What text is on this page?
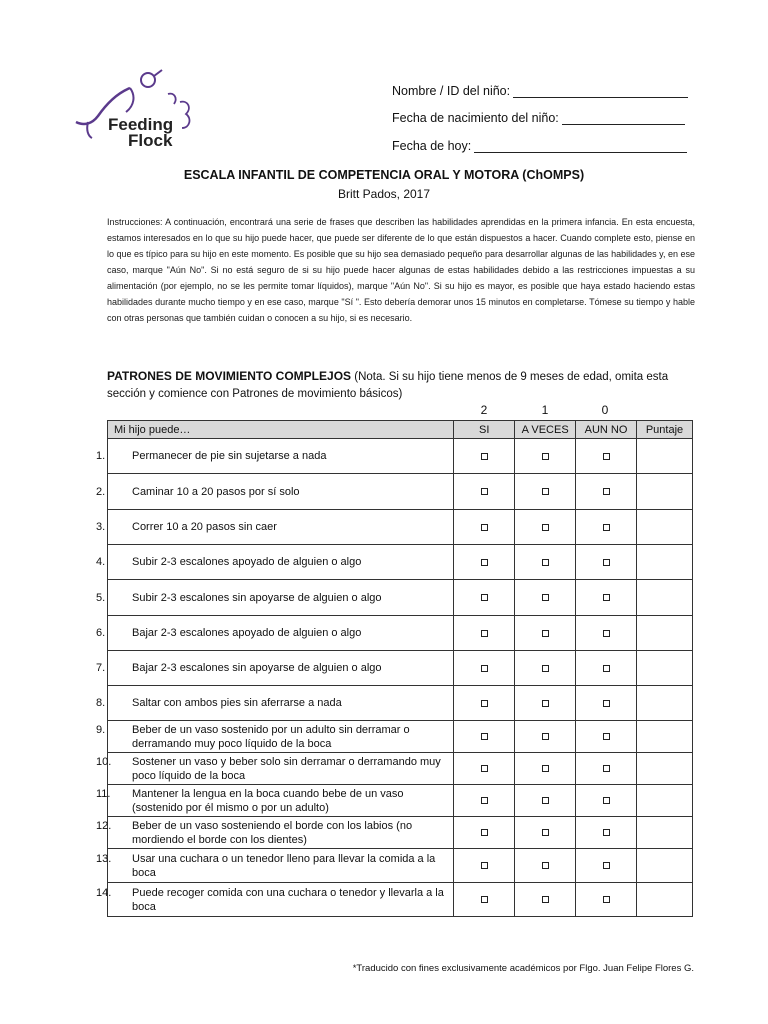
Feeding
Flock
Nombre / ID del niño:
Fecha de nacimiento del niño:
Fecha de hoy:
ESCALA INFANTIL DE COMPETENCIA ORAL Y MOTORA (ChOMPS)
Britt Pados, 2017
Instrucciones: A continuación, encontrará una serie de frases que describen las habilidades aprendidas en la primera infancia. En esta encuesta, estamos interesados en lo que su hijo puede hacer, que puede ser diferente de lo que están dispuestos a hacer. Cuando complete esto, piense en lo que es típico para su hijo en este momento. Es posible que su hijo sea demasiado pequeño para desarrollar algunas de las habilidades y, en ese caso, marque "Aún No". Si no está seguro de si su hijo puede hacer algunas de estas habilidades debido a las restricciones impuestas a su alimentación (por ejemplo, no se les permite tomar líquidos), marque "Aún No". Si su hijo es mayor, es posible que haya estado haciendo estas habilidades durante mucho tiempo y en ese caso, marque "Sí ". Esto debería demorar unos 15 minutos en completarse. Tómese su tiempo y hable con otras personas que también cuidan o conocen a su hijo, si es necesario.
PATRONES DE MOVIMIENTO COMPLEJOS (Nota. Si su hijo tiene menos de 9 meses de edad, omita esta sección y comience con Patrones de movimiento básicos)
2	1	0
Mi hijo puede…	SI	A VECES	AUN NO	Puntaje

1. Permanecer de pie sin sujetarse a nada				

2. Caminar 10 a 20 pasos por sí solo				

3. Correr 10 a 20 pasos sin caer				

4. Subir 2-3 escalones apoyado de alguien o algo				

5. Subir 2-3 escalones sin apoyarse de alguien o algo				

6. Bajar 2-3 escalones apoyado de alguien o algo				

7. Bajar 2-3 escalones sin apoyarse de alguien o algo				

8. Saltar con ambos pies sin aferrarse a nada				

9. Beber de un vaso sostenido por un adulto sin derramar o derramando muy poco líquido de la boca				

10. Sostener un vaso y beber solo sin derramar o derramando muy poco líquido de la boca				

11. Mantener la lengua en la boca cuando bebe de un vaso (sostenido por él mismo o por un adulto)				

12. Beber de un vaso sosteniendo el borde con los labios (no mordiendo el borde con los dientes)				

13. Usar una cuchara o un tenedor lleno para llevar la comida a la boca				

14. Puede recoger comida con una cuchara o tenedor y llevarla a la boca				

*Traducido con fines exclusivamente académicos por Flgo. Juan Felipe Flores G.
